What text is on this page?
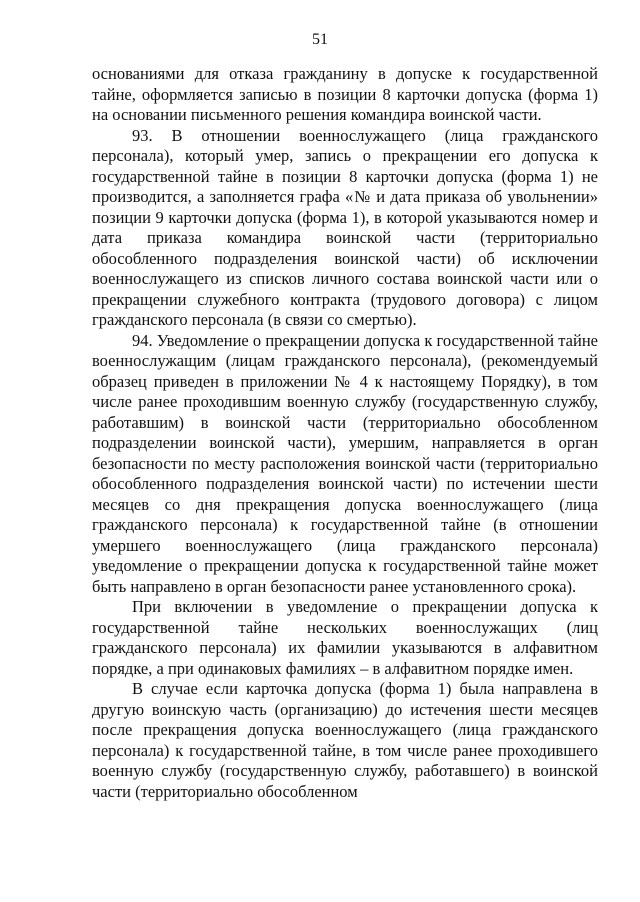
51

основаниями для отказа гражданину в допуске к государственной тайне, оформляется записью в позиции 8 карточки допуска (форма 1) на основании письменного решения командира воинской части.

93. В отношении военнослужащего (лица гражданского персонала), который умер, запись о прекращении его допуска к государственной тайне в позиции 8 карточки допуска (форма 1) не производится, а заполняется графа «№ и дата приказа об увольнении» позиции 9 карточки допуска (форма 1), в которой указываются номер и дата приказа командира воинской части (территориально обособленного подразделения воинской части) об исключении военнослужащего из списков личного состава воинской части или о прекращении служебного контракта (трудового договора) с лицом гражданского персонала (в связи со смертью).

94. Уведомление о прекращении допуска к государственной тайне военнослужащим (лицам гражданского персонала), (рекомендуемый образец приведен в приложении № 4 к настоящему Порядку), в том числе ранее проходившим военную службу (государственную службу, работавшим) в воинской части (территориально обособленном подразделении воинской части), умершим, направляется в орган безопасности по месту расположения воинской части (территориально обособленного подразделения воинской части) по истечении шести месяцев со дня прекращения допуска военнослужащего (лица гражданского персонала) к государственной тайне (в отношении умершего военнослужащего (лица гражданского персонала) уведомление о прекращении допуска к государственной тайне может быть направлено в орган безопасности ранее установленного срока).

При включении в уведомление о прекращении допуска к государственной тайне нескольких военнослужащих (лиц гражданского персонала) их фамилии указываются в алфавитном порядке, а при одинаковых фамилиях – в алфавитном порядке имен.

В случае если карточка допуска (форма 1) была направлена в другую воинскую часть (организацию) до истечения шести месяцев после прекращения допуска военнослужащего (лица гражданского персонала) к государственной тайне, в том числе ранее проходившего военную службу (государственную службу, работавшего) в воинской части (территориально обособленном
